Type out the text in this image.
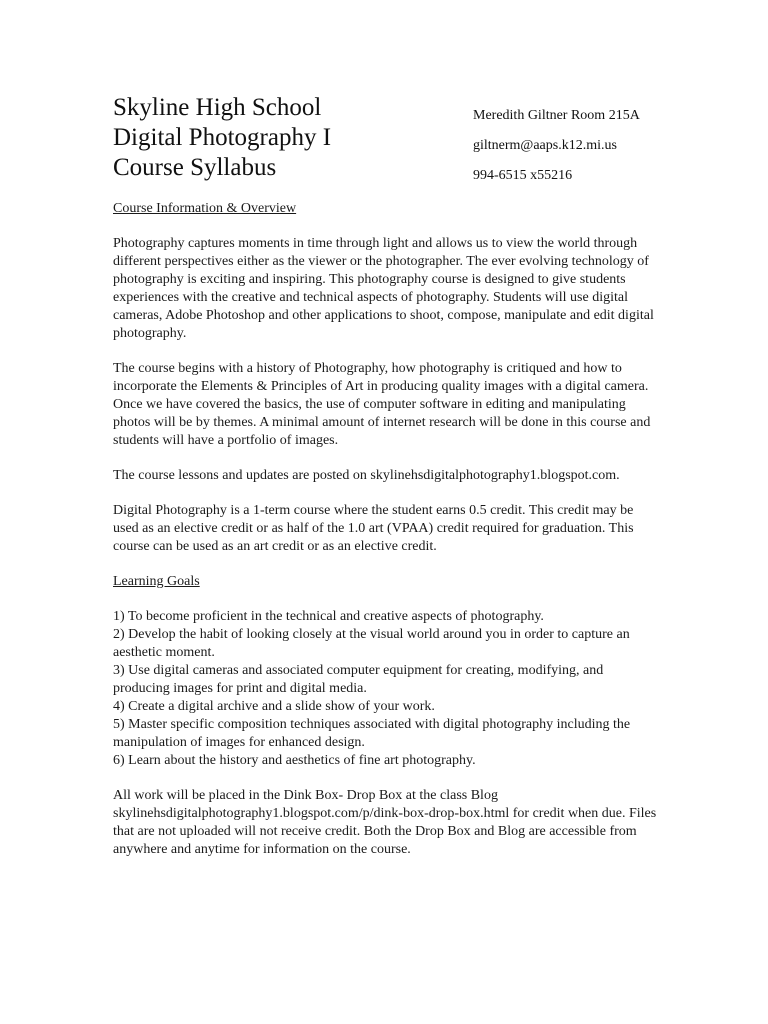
Skyline High School
Digital Photography I
Course Syllabus
Meredith Giltner Room 215A
giltnerm@aaps.k12.mi.us
994-6515 x55216
Course Information & Overview

Photography captures moments in time through light and allows us to view the world through different perspectives either as the viewer or the photographer. The ever evolving technology of photography is exciting and inspiring. This photography course is designed to give students experiences with the creative and technical aspects of photography. Students will use digital cameras, Adobe Photoshop and other applications to shoot, compose, manipulate and edit digital photography.

The course begins with a history of Photography, how photography is critiqued and how to incorporate the Elements & Principles of Art in producing quality images with a digital camera. Once we have covered the basics, the use of computer software in editing and manipulating photos will be by themes. A minimal amount of internet research will be done in this course and students will have a portfolio of images.

The course lessons and updates are posted on skylinehsdigitalphotography1.blogspot.com.

Digital Photography is a 1-term course where the student earns 0.5 credit. This credit may be used as an elective credit or as half of the 1.0 art (VPAA) credit required for graduation. This course can be used as an art credit or as an elective credit.

Learning Goals
1) To become proficient in the technical and creative aspects of photography.
2) Develop the habit of looking closely at the visual world around you in order to capture an aesthetic moment.
3) Use digital cameras and associated computer equipment for creating, modifying, and producing images for print and digital media.
4) Create a digital archive and a slide show of your work.
5) Master specific composition techniques associated with digital photography including the manipulation of images for enhanced design.
6) Learn about the history and aesthetics of fine art photography.

All work will be placed in the Dink Box- Drop Box at the class Blog skylinehsdigitalphotography1.blogspot.com/p/dink-box-drop-box.html for credit when due. Files that are not uploaded will not receive credit. Both the Drop Box and Blog are accessible from anywhere and anytime for information on the course.
